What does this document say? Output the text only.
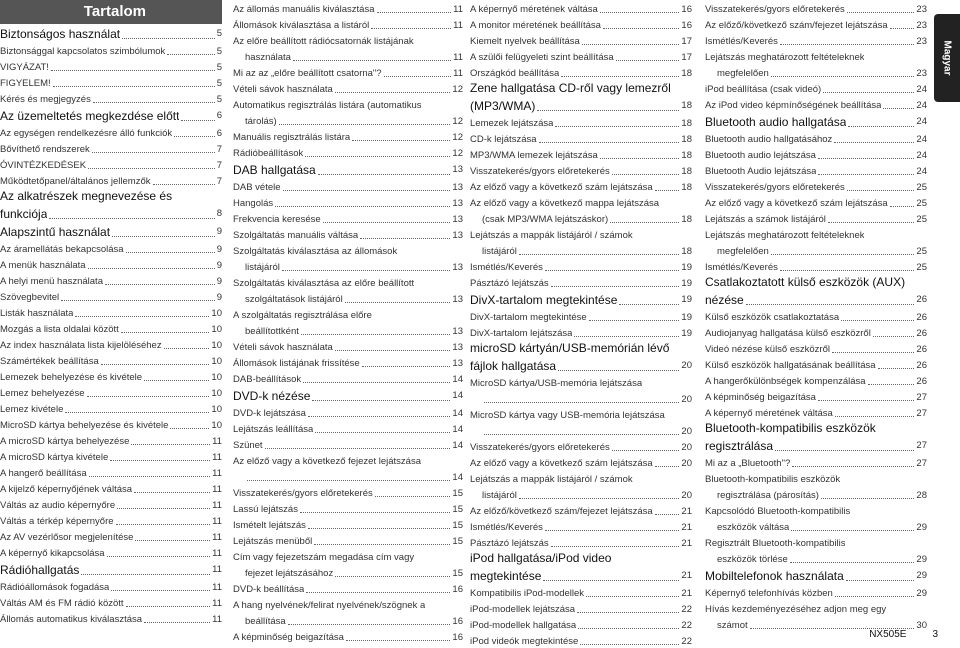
Tartalom
Biztonságos használat	5
Biztonsággal kapcsolatos szimbólumok	5
VIGYÁZAT!	5
FIGYELEM!	5
Kérés és megjegyzés	5
Az üzemeltetés megkezdése előtt	6
Az egységen rendelkezésre álló funkciók	6
Bővíthető rendszerek	7
ÓVINTÉZKEDÉSEK	7
Működtetőpanel/általános jellemzők	7
Az alkatrészek megnevezése és
funkciója	8
Alapszintű használat	9
Az áramellátás bekapcsolása	9
A menük használata	9
A helyi menü használata	9
Szövegbevitel	9
Listák használata	10
Mozgás a lista oldalai között	10
Az index használata lista kijelöléséhez	10
Számértékek beállítása	10
Lemezek behelyezése és kivétele	10
Lemez behelyezése	10
Lemez kivétele	10
MicroSD kártya behelyezése és kivétele	10
A microSD kártya behelyezése	11
A microSD kártya kivétele	11
A hangerő beállítása	11
A kijelző képernyőjének váltása	11
Váltás az audio képernyőre	11
Váltás a térkép képernyőre	11
Az AV vezérlősor megjelenítése	11
A képernyő kikapcsolása	11
Rádióhallgatás	11
Rádióállomások fogadása	11
Váltás AM és FM rádió között	11
Állomás automatikus kiválasztása	11
Az állomás manuális kiválasztása	11
Állomások kiválasztása a listáról	11
Az előre beállított rádiócsatornák listájának
használata	11
Mi az az „előre beállított csatorna"?	11
Vételi sávok használata	12
Automatikus regisztrálás listára (automatikus
tárolás)	12
Manuális regisztrálás listára	12
Rádióbeállítások	12
DAB hallgatása	13
DAB vétele	13
Hangolás	13
Frekvencia keresése	13
Szolgáltatás manuális váltása	13
Szolgáltatás kiválasztása az állomások
listájáról	13
Szolgáltatás kiválasztása az előre beállított
szolgáltatások listájáról	13
A szolgáltatás regisztrálása előre
beállítottként	13
Vételi sávok használata	13
Állomások listájának frissítése	13
DAB-beállítások	14
DVD-k nézése	14
DVD-k lejátszása	14
Lejátszás leállítása	14
Szünet	14
Az előző vagy a következő fejezet lejátszása
14
Visszatekerés/gyors előretekerés	15
Lassú lejátszás	15
Ismételt lejátszás	15
Lejátszás menüből	15
Cím vagy fejezetszám megadása cím vagy
fejezet lejátszásához	15
DVD-k beállítása	16
A hang nyelvének/felirat nyelvének/szögnek a
beállítása	16
A képminőség beigazítása	16
A képernyő méretének váltása	16
A monitor méretének beállítása	16
Kiemelt nyelvek beállítása	17
A szülői felügyeleti szint beállítása	17
Országkód beállítása	18
Zene hallgatása CD-ről vagy lemezről
(MP3/WMA)	18
Lemezek lejátszása	18
CD-k lejátszása	18
MP3/WMA lemezek lejátszása	18
Visszatekerés/gyors előretekerés	18
Az előző vagy a következő szám lejátszása	18
Az előző vagy a következő mappa lejátszása
(csak MP3/WMA lejátszáskor)	18
Lejátszás a mappák listájáról / számok
listájáról	18
Ismétlés/Keverés	19
Pásztázó lejátszás	19
DivX-tartalom megtekintése	19
DivX-tartalom megtekintése	19
DivX-tartalom lejátszása	19
microSD kártyán/USB-memórián lévő
fájlok hallgatása	20
MicroSD kártya/USB-memória lejátszása
20
MicroSD kártya vagy USB-memória lejátszása
20
Visszatekerés/gyors előretekerés	20
Az előző vagy a következő szám lejátszása	20
Lejátszás a mappák listájáról / számok
listájáról	20
Az előző/következő szám/fejezet lejátszása	21
Ismétlés/Keverés	21
Pásztázó lejátszás	21
iPod hallgatása/iPod video
megtekintése	21
Kompatibilis iPod-modellek	21
iPod-modellek lejátszása	22
iPod-modellek hallgatása	22
iPod videók megtekintése	22
Visszatekerés/gyors előretekerés	23
Az előző/következő szám/fejezet lejátszása	23
Ismétlés/Keverés	23
Lejátszás meghatározott feltételeknek
megfelelően	23
iPod beállítása (csak videó)	24
Az iPod video képmínőségének beállítása	24
Bluetooth audio hallgatása	24
Bluetooth audio hallgatásához	24
Bluetooth audio lejátszása	24
Bluetooth Audio lejátszása	24
Visszatekerés/gyors előretekerés	25
Az előző vagy a következő szám lejátszása	25
Lejátszás a számok listájáról	25
Lejátszás meghatározott feltételeknek
megfelelően	25
Ismétlés/Keverés	25
Csatlakoztatott külső eszközök (AUX)
nézése	26
Külső eszközök csatlakoztatása	26
Audiojanyag hallgatása külső eszközről	26
Videó nézése külső eszközről	26
Külső eszközök hallgatásának beállítása	26
A hangerőkülönbségek kompenzálása	26
A képminőség beigazítása	27
A képernyő méretének váltása	27
Bluetooth-kompatibilis eszközök
regisztrálása	27
Mi az a „Bluetooth"?	27
Bluetooth-kompatibilis eszközök
regisztrálása (párosítás)	28
Kapcsolódó Bluetooth-kompatibilis
eszközök váltása	29
Regisztrált Bluetooth-kompatibilis
eszközök törlése	29
Mobiltelefonok használata	29
Képernyő telefonhívás közben	29
Hívás kezdeményezéséhez adjon meg egy
számot	30
Magyar
NX505E	3
